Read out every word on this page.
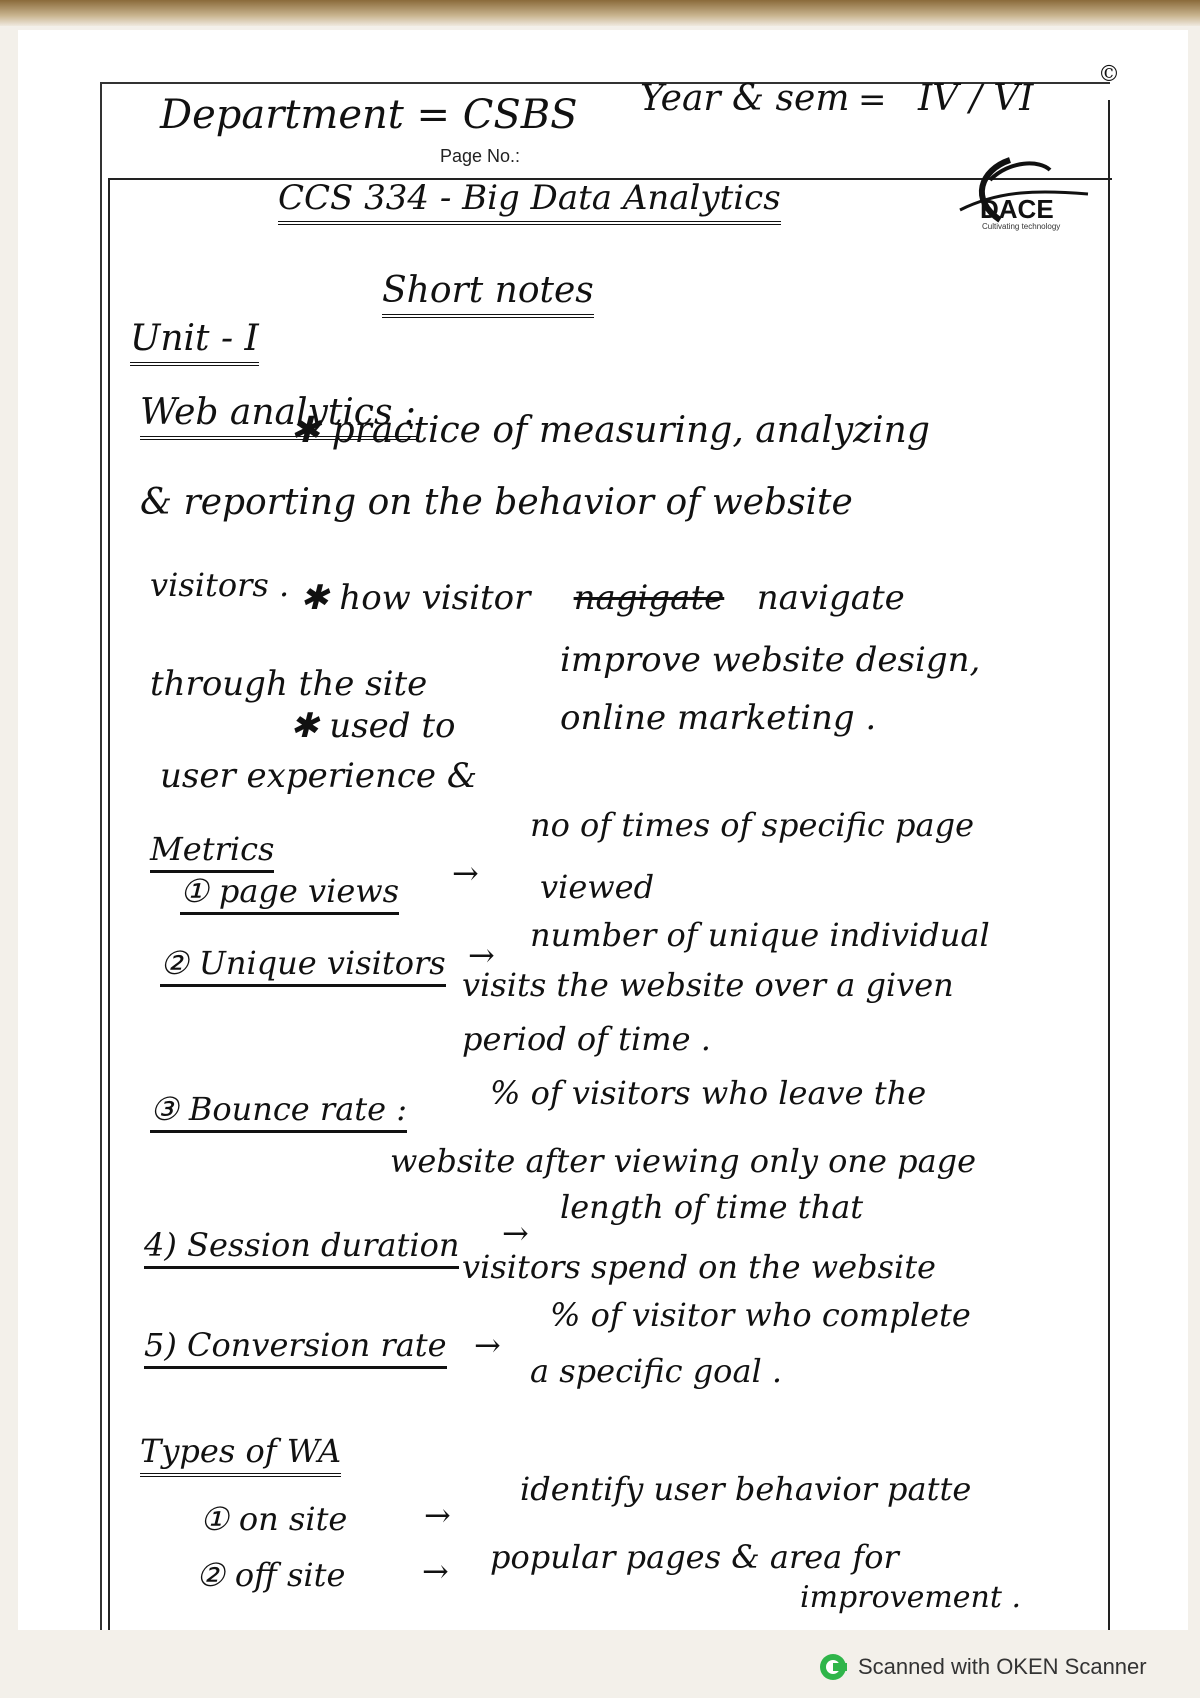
Department = CSBS
Page No.:
Year & sem = IV / VI
©
DACE
Cultivating technology
CCS 334 - Big Data Analytics
Short notes
Unit - I
Web analytics :
✱ practice of measuring, analyzing
& reporting on the behavior of website
visitors . ✱ how visitor nagigate navigate
through the site
improve website design,
✱ used to	online marketing .
user experience &
Metrics
① page views →
no of times of specific page
viewed
② Unique visitors →
number of unique individual
visits the website over a given
period of time .
③ Bounce rate :	% of visitors who leave the
website after viewing only one page
4) Session duration →
length of time that
visitors spend on the website
5) Conversion rate →
% of visitor who complete
a specific goal .
Types of WA
① on site →
identify user behavior patte
② off site → popular pages & area for
improvement .
Scanned with OKEN Scanner
